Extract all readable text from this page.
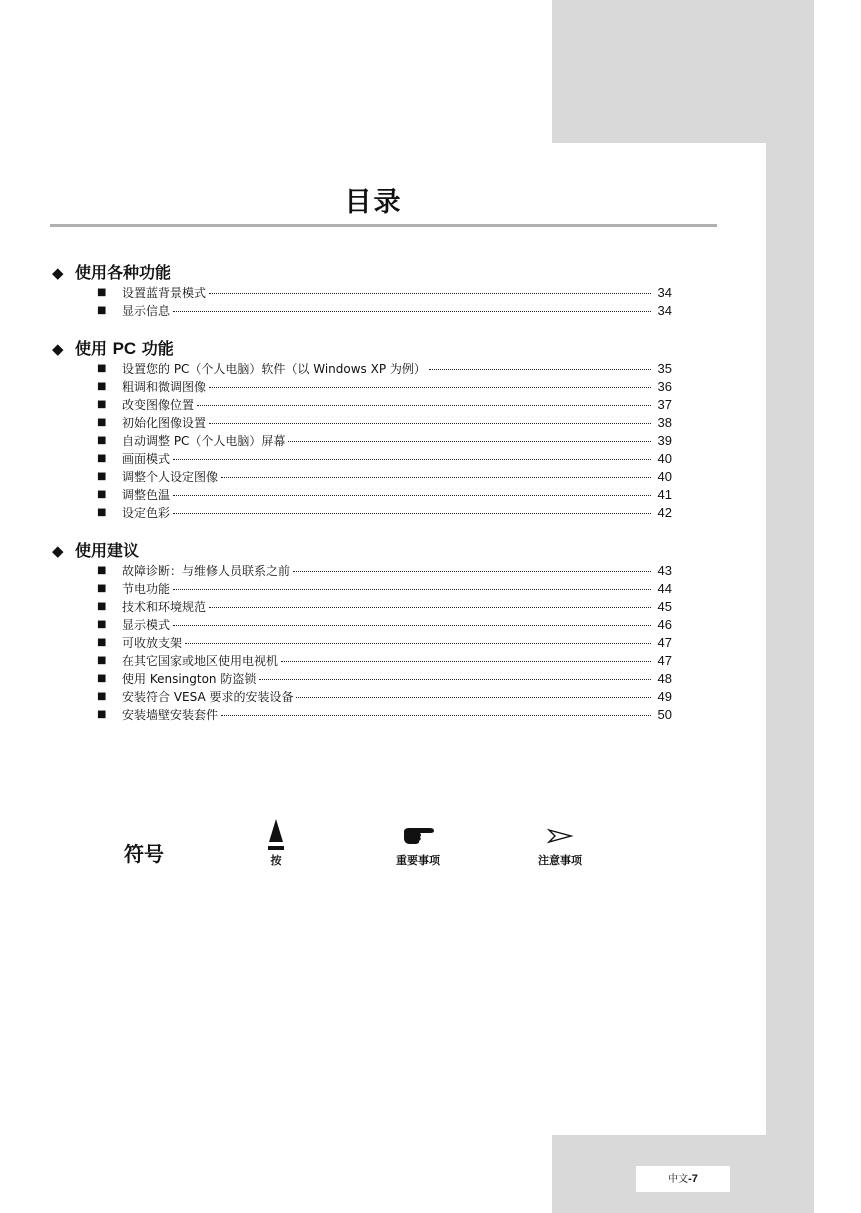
目录
◆ 使用各种功能
■ 设置蓝背景模式	34
■ 显示信息	34
◆ 使用 PC 功能
■ 设置您的 PC（个人电脑）软件（以 Windows XP 为例）	35
■ 粗调和微调图像	36
■ 改变图像位置	37
■ 初始化图像设置	38
■ 自动调整 PC（个人电脑）屏幕	39
■ 画面模式	40
■ 调整个人设定图像	40
■ 调整色温	41
■ 设定色彩	42
◆ 使用建议
■ 故障诊断：与维修人员联系之前	43
■ 节电功能	44
■ 技术和环境规范	45
■ 显示模式	46
■ 可收放支架	47
■ 在其它国家或地区使用电视机	47
■ 使用 Kensington 防盗锁	48
■ 安装符合 VESA 要求的安装设备	49
■ 安装墙壁安装套件	50
符号	按	重要事项	注意事项
中文-7
